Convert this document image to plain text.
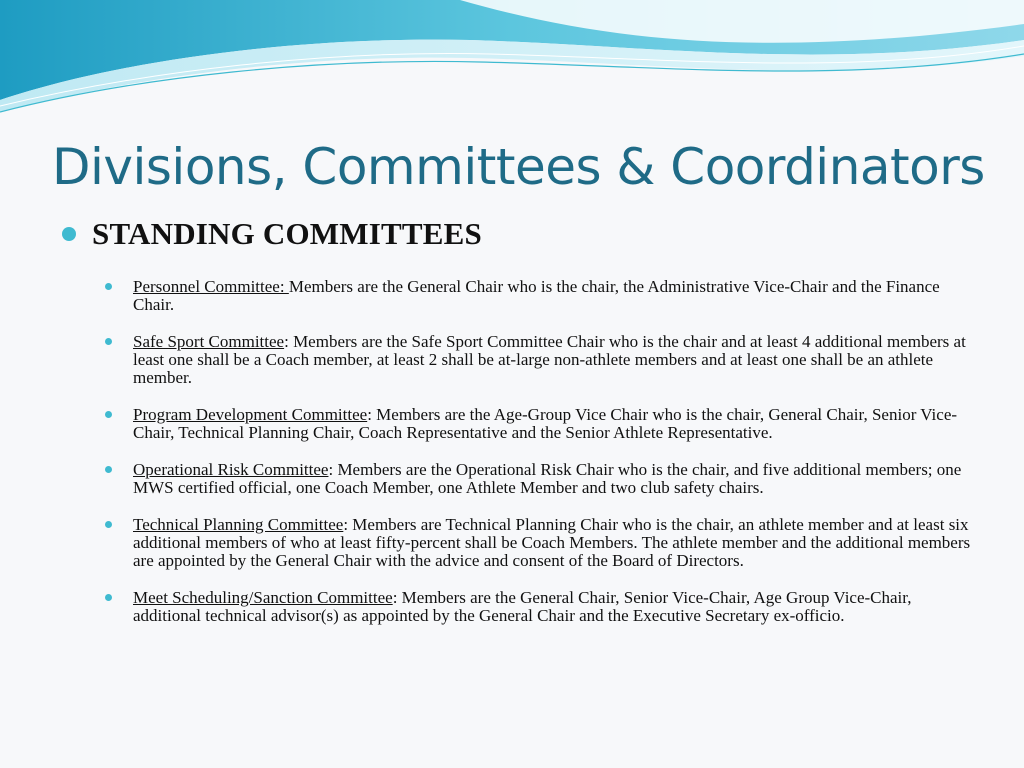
Divisions, Committees & Coordinators
STANDING COMMITTEES
Personnel Committee: Members are the General Chair who is the chair, the Administrative Vice-Chair and the Finance Chair.
Safe Sport Committee: Members are the Safe Sport Committee Chair who is the chair and at least 4 additional members at least one shall be a Coach member, at least 2 shall be at-large non-athlete members and at least one shall be an athlete member.
Program Development Committee: Members are the Age-Group Vice Chair who is the chair, General Chair, Senior Vice-Chair, Technical Planning Chair, Coach Representative and the Senior Athlete Representative.
Operational Risk Committee: Members are the Operational Risk Chair who is the chair, and five additional members; one MWS certified official, one Coach Member, one Athlete Member and two club safety chairs.
Technical Planning Committee: Members are Technical Planning Chair who is the chair, an athlete member and at least six additional members of who at least fifty-percent shall be Coach Members. The athlete member and the additional members are appointed by the General Chair with the advice and consent of the Board of Directors.
Meet Scheduling/Sanction Committee: Members are the General Chair, Senior Vice-Chair, Age Group Vice-Chair, additional technical advisor(s) as appointed by the General Chair and the Executive Secretary ex-officio.
